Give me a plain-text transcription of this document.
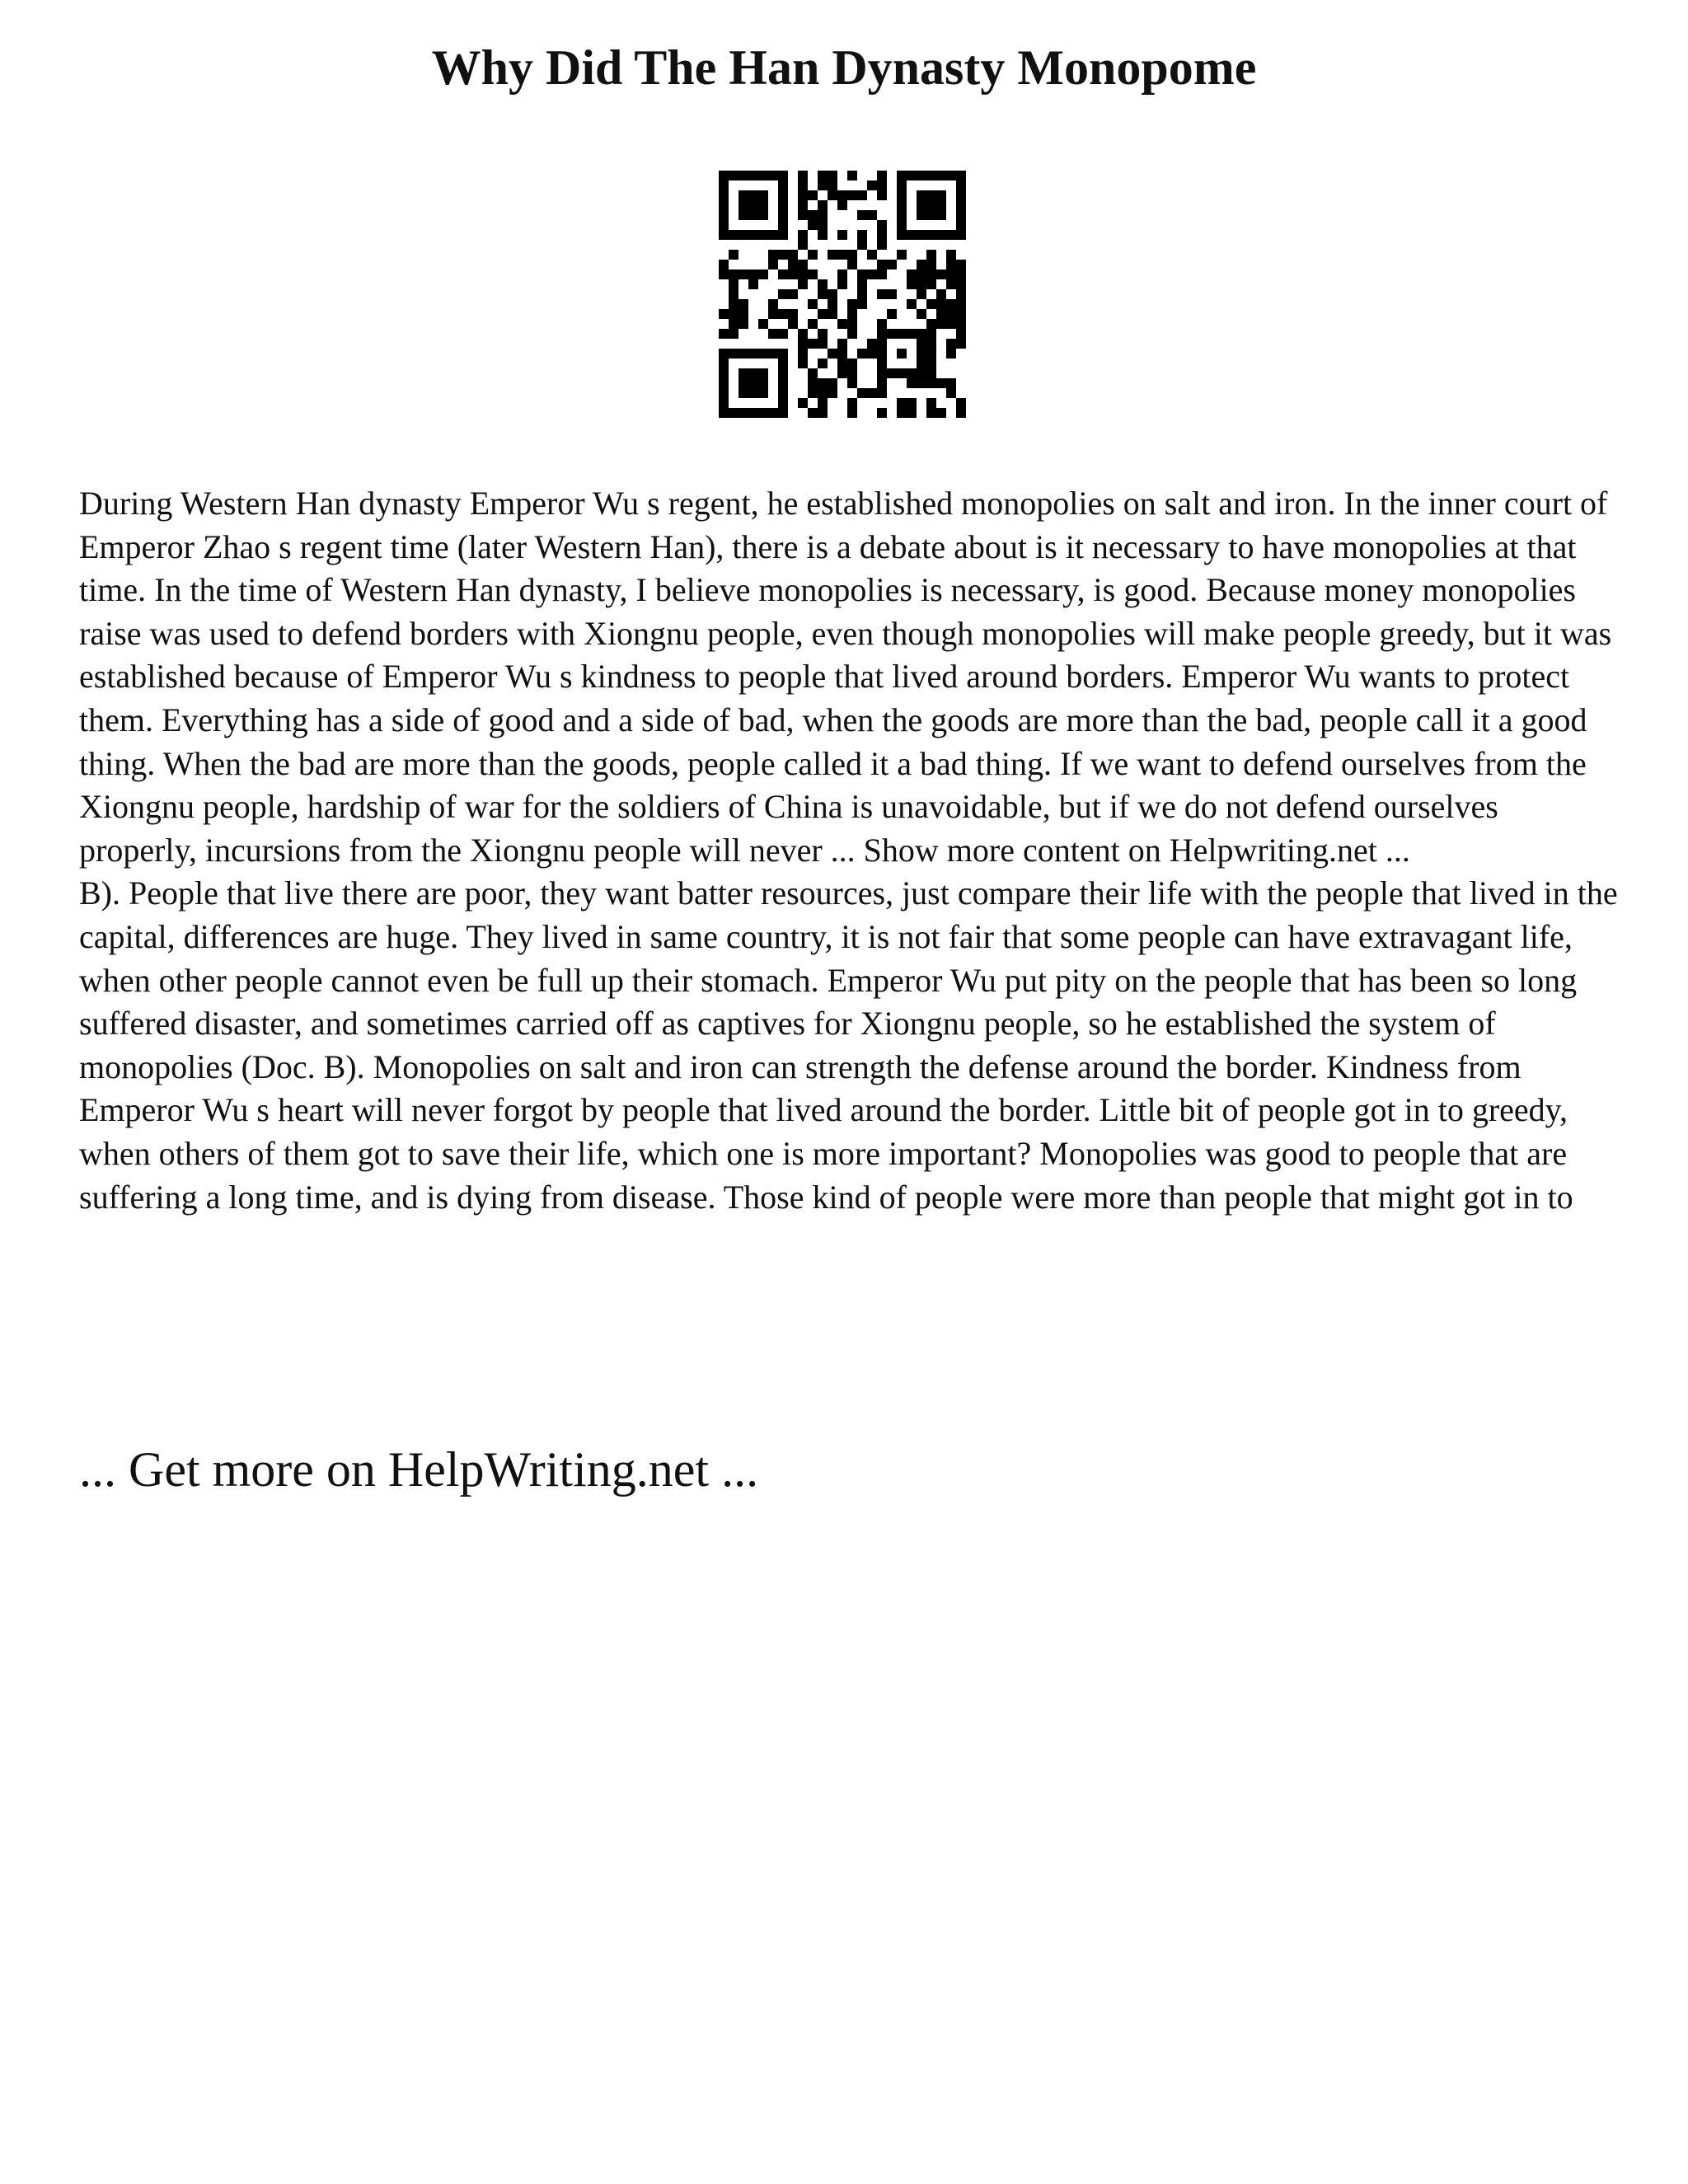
Why Did The Han Dynasty Monopome

During Western Han dynasty Emperor Wu s regent, he established monopolies on salt and iron. In the inner court of Emperor Zhao s regent time (later Western Han), there is a debate about is it necessary to have monopolies at that time. In the time of Western Han dynasty, I believe monopolies is necessary, is good. Because money monopolies raise was used to defend borders with Xiongnu people, even though monopolies will make people greedy, but it was established because of Emperor Wu s kindness to people that lived around borders. Emperor Wu wants to protect them. Everything has a side of good and a side of bad, when the goods are more than the bad, people call it a good thing. When the bad are more than the goods, people called it a bad thing. If we want to defend ourselves from the Xiongnu people, hardship of war for the soldiers of China is unavoidable, but if we do not defend ourselves properly, incursions from the Xiongnu people will never ... Show more content on Helpwriting.net ...

B). People that live there are poor, they want batter resources, just compare their life with the people that lived in the capital, differences are huge. They lived in same country, it is not fair that some people can have extravagant life, when other people cannot even be full up their stomach. Emperor Wu put pity on the people that has been so long suffered disaster, and sometimes carried off as captives for Xiongnu people, so he established the system of monopolies (Doc. B). Monopolies on salt and iron can strength the defense around the border. Kindness from Emperor Wu s heart will never forgot by people that lived around the border. Little bit of people got in to greedy, when others of them got to save their life, which one is more important? Monopolies was good to people that are suffering a long time, and is dying from disease. Those kind of people were more than people that might got in to

... Get more on HelpWriting.net ...
